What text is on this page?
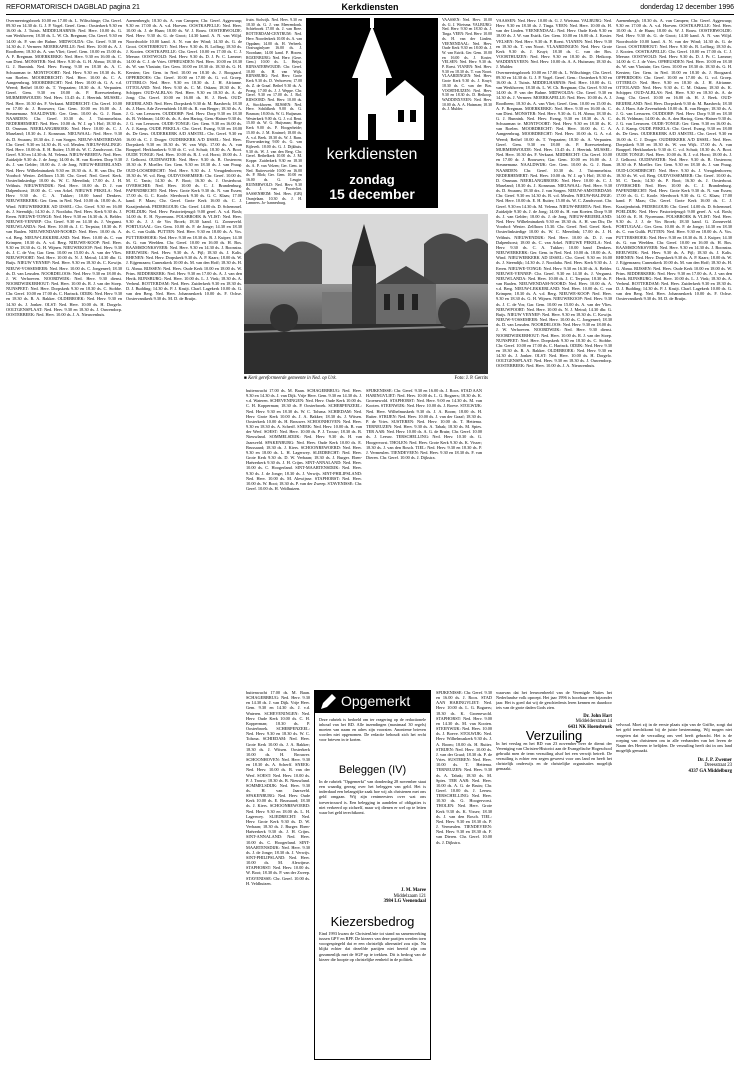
REFORMATORISCH DAGBLAD pagina 21	Kerkdiensten	donderdag 12 december 1996

Overmeeringsbroek 10.00 en 17.00 ds. L. Wiltschinge; Chr. Geref. 09.30 en 14.30 dr. G. J. P. Vogel. Geref. Gem.: Oosterkerk 9.30 en 16.00 ds. J. Tuinis. MIDDELHARNIS: Ned. Herv. 10.00 ds. G. van Werkhoven; 18.30 ds. L. W. Ch. Bregman; Chr. Geref. 9.30 en 14.00 ds. P. van der Buhne. MIDWOLDA: Chr. Geref. 9.30 en 14.30 ds. J. Vermeer. MOERKAPELLE: Ned. Herv. 10.00 ds. A. J. Roodbeen; 18.30 ds. A. van Vliet; Geref. Gem. 10.00 en 15.00 ds. A. F. Bregman. MOERKERKE: Ned. Herv. 9.30 en 16.00 ds. C. van Diest. MONSTER: Ned. Herv. 9.30 ds. G. H. Abma; 18.30 ds. G. J. Bunnink. Ned. Herv. Evang. 9.30 en 18.30 ds. A. C. Schuurman te. MONTFOORT: Ned. Herv. 9.30 en 18.30 ds. K. van Roelen. MOORDRECHT: Ned. Herv. 10.00 ds. C. A. Aangeenbrug. MOORDRECHT: Ned. Herv. 10.00 ds. G. A. v.d. Weerd; Bethel 10.00 ds. T. Verpaaten; 18.30 ds. A. Verpaaten. Geref. Gem. 9.30 en 18.00 ds. P. Roerwetenberg. MURMERWOUDE: Ned. Herv. 13.45 ds. J. Heerink. MUSSEL: Ned. Herv. 10.30 drs. F. Verkaart. MIJDRECHT: Chr. Geref. 10.00 en 17.00 dr. J. Brouwers; Gar. Gem. 10.00 en 16.00 ds. J. Steunemanz. NAALDWIJK: Ger. Gem. 10.00 ds. G. J. Baan. NAARDEN: Chr. Geref. 10.30 ds. J. Tuirmmelstra. NEDERHEMERT: Ned. Herv. 10.00 ds. W. J. op 't Hof; 18.30 ds. D. Onsman. NEERLANGBROEK: Ned. Herv. 10.00 ds. C. J. Maseland; 18.30 ds. J. Konsman. NIEUWAAL: Ned. Herv. 9.30 ds. D. Swaans; 18.30 drs. J. van Sorgen. NIEUW-AMSTERDAM: Chr. Geref. 9.30 en 14.30 ds. B. v.d. Meulen. NIEUW-BALINGE: Ned. Herv. 10.00 ds. E. H. Ruiter; 15.00 ds. W. C. Zandsvoort. Chr. Geref. 9.30 en 14.30 ds. M. Velema. NIEUW-BEERTA: Ned. Herv. Zuidzijde 9.30 ds. J. de Jong; 14.00 ds. H. van Koeten. Dorp 9.30 ds. J. van Gelder; 18.00 ds. J. de Jong. NIEUW-BEIJERLAND: Ned. Herv. Wilhelminakerk 9.30 en 18.30 ds. A. H. van Dis; De Voorhof: Wester. Zelfhorn 15.30. Chr. Geref. Ned. Geref. Kerk. Oosterlinkstedige 10.00 ds. W. C. Meerdink; 17.00 ds. J. H. Velthuis. NIEUWENDIJK: Ned. Herv. 10.00 ds. D. J. van Dalpenhorst; 18.00 ds. C. van Arkel. NIEUWE PEKELA: Ned. Herv. 9.30 ds. C. A. Tukker; 10.00 band Denkers. NIEUWERKERK: Ger. Gem. in Ned. Ned. 10.00 ds. 18.00 ds. A. Wind. NIEUWERKERK AD IJSSEL: Chr. Geref. 9.30 en 16.00 ds. J. Steendijk; 14.30 ds. J. Nootlaba. Ned. Herv. Kerk 9.30 ds. J. Eeren. NIEUWE-TONGE: Ned. Herv. 9.30 en 16.30 ds. A. Belder. NIEUWE-VENNEP: Chr. Geref. 9.30 en 14.30 ds. J. Vergunst. NIEUWLANDA: Ned. Herv. 10.00 ds. J. C. Terpstra; 18.30 ds. P. van Baalen. NIEUWENDAM-NOORD: Ned. Herv. 10.00 ds. A. v.d. Berg. NIEUW-LEKKERLAND: Ned. Herv. 10.00 ds. C. van Krimpen; 18.30 ds. A. v.d. Berg. NIEUWE-KOOP: Ned. Herv. 9.30 en 18.30 ds. G. H. Wijnen. NIEUWEKOOP: Ned. Herv. 9.30 ds. J. C. de Vos; Gar. Gem. 10.00 en 15.00 ds. A. van der Vlies. NIEUWPOORT: Ned. Herv. 10.00 ds. N. J. Meiral; 14.30 dhr. G. Buijs. NIEUW VENNEP: Ned. Herv. 9.30 en 18.30 ds. C. Kowijn. NIEUW-VOSSEMEER: Ned. Herv. 10.00 ds. C. Jongeneel; 18.30 ds. D. van Leusden. NOORDELOOS: Ned. Herv. 9.30 en 18.00 ds. J. W. Verhoeven. NOORDWIJK: Ned. Herv. 9.30 dienst. NOORDWIJKERHOUT: Ned. Herv. 10.00 ds. R. J. van der Stoep. NUNSPEET: Ned. Herv. Dorpskerk 9.30 en 18.30 ds. C. Stobbe. Chr. Geref. 10.00 en 17.00 ds. C. Harinck. ODIJK: Ned. Herv. 9.30 en 18.30 ds. R. A. Bakker. OLDEBROEK: Ned. Herv. 9.30 en 14.30 ds. J. Jonker. OLST: Ned. Herv. 10.00 ds. H. Dorgelo. OOLTGENSPLAAT: Ned. Herv. 9.30 en 18.30 ds. J. Ouwendorp. OOSTERBEEK: Ned. Herv. 10.00 ds. J. A. Nieuwenhuis.

Aaenenbergh; 18.30 ds. A. van Campen; Chr. Geref. Aggewaap; 9.30 en 17.00 ds. A. v.d. Hoeven. OOSTKAPELLE: Ned. Herv. 10.00 ds. J. de Haan; 18.00 ds. W. J. Rouw. OOSTERWOLDE: Ned. Herv. 9.30 ds. G. de Groot; 14.30 kand. A. N. van Wiljd. Noordwolde 10.00 kand. A. N. van der Wind; 14.30 ds. G. de Groot. OOSTERHOUT: Ned. Herv. 9.30 ds. B. Loffing; 18.30 ds. J. Kooten. OOSTKAPELLE: Chr. Geref. 10.00 en 17.00 ds. C. J. Meeuse. OOSTWOLD: Ned. Herv. 9.30 ds. D. J. Pr. C. Lamme; 14.00 dr. C. J. de Vries. OPHEUSDEN: Ned. Herv. 10.00 en 18.30 ds. W. van Vlastuin; Ger. Gem. 10.00 en 18.30 dr. 18.30 ds. G. H. Kersten; Ger. Gem. in Ned. 10.00 en 18.30 ds. J. Boogaard. OPPERDOES: Chr. Geref. 10.00 en 17.00 ds. G. v.d. Groep. OTTERLO: Ned. Herv. 9.30 en 18.30 ds. J. H. Afrianne. OTTOLAND: Ned. Herv. 9.30 ds. C. M. Oskam; 18.30 ds. K. Schipper. OUD-ALBLAS: Ned. Herv. 9.30 en 18.30 ds. A. de Jong; Chr. Geref. 10.00 en 16.00 ds. H. J. Beek. OUD-BEIJERLAND: Ned. Herv. Dorpskerk 9.30 dr. M. Baasbeck; 18.30 ds. J. Harn. Ade Zevenzbierk 10.00 ds. R. van Berger; 18.30 ds. A. J. G. van Leeuwen. OUDDORP: Ned. Herv. Dorp 9.30 en 18.30 ds. B. Veldman; 14.00 ds. ds. A. den Hartog. Gem.-Hainer 9.30 ds. J. G. van Leeuwen. OUDE-TONGE: Ger. Gem. 9.30 en 16.00 ds. A. J. Kamp. OUDE PEKELA: Chr. Geref. Evang. 9.30 en 18.00 ds. De Geus. OUDERKERK A/D AMSTEL: Chr. Geref. 9.30 en 16.00 ds. C. J. Droger. OUDERKERK A/D IJSSEL: Ned. Herv. Dorpskerk 9.30 en 18.30 ds. W. van Wijk. 17.00 ds. A. van Bouppel. Herklaarkerk: 9.30 dr. C. v.d. Schuit; 18.30 ds. A. Boot. OUDE TONGE: Ned. Herv. 10.00 ds. R. J. v.d. Horst; 18.00 ds. J. J. Gelhorst. OUDEWATER: Ned. Herv. 9.30 ds. B. Oosterom; 18.30 dr. P. Moeller. Ger. Gem. 9.30 en 18.30 ds. J. van Praag. OUD-LOOSDRECHT: Ned. Herv. 9.30 ds. J. Vreugdenhoven; 18.30 ds. W. v.d. Berg. OUDVOSSEMEER: Chr. Geref. 10.00 ds. M. C. Tanis; 14.30 ds. P. Boot; 16.30 ds. J. Oosterhout. OVERSCHIE: Ned. Herv. 10.00 ds. C. J. Brandenburg. PAPENDRECHT: Ned. Herv. Grote Kerk 9.30 ds. N. van Essen; 17.00 ds. G. C. Koole. Sleedwork 9.30 ds. G. C. Klaas; 17.00 kand. P. Maas; Chr. Geref. Grote Kerk 16.00 ds. C. J. Kraaijenbrink. PEDERGOUR: Chr. Geref. 14.00 ds. D. Schemmel. POELDIJK: Ned. Herv. Pastorietjeugd: 9.00 geref. A. v.d. Bosh; 14.00 ds. E. H. Nyoemans. POLSBROEK & VLIST: Ned. Herv. 9.30 ds. J. J. de Vos Broek; 18.30 kand. G. Zonneveld. PORTUGAAL: Ger. Gem. 10.00 ds. F. de Jonge; 14.30 en 18.30 ds. C. van Gulik. PUTTEN: Ned. Herv. 9.30 en 18.00 ds. A. Vos. PUTTERSHOEK: Ned. Herv. 9.30 en 18.30 ds. B. J. Kuiper; 14.30 ds. G. van Weelden. Chr. Geref. 10.00 en 16.00 ds. H. Bos. RAAMSDONKSVEER: Ned. Herv. 9.30 en 14.30 ds. J. Boonstra. REEUWIJK: Ned. Herv. 9.30 ds. A. Pijl; 18.30 ds. J. Kalis. RHENEN: Ned. Herv. Dorpskerk 9.30 ds. A. P. Kaars; 18.00 ds. W. J. Eijgenraam; Cunerakerk 10.00 ds. M. van den Hoff; 18.30 ds. H. G. Abma. RIJSSEN: Ned. Herv. Oude Kerk 10.00 en 18.00 ds. W. Prins. RIDDERKERK: Ned. Herv. 9.30 en 17.00 ds. A. J. van den Herik. RIJNSBURG: Ned. Herv. 10.00 ds. L. J. Vink; 18.30 ds. A. Verheul. ROTTERDAM: Ned. Herv. Zuiderkerk 9.30 en 18.30 ds. D. J. Budding; 14.30 ds. P. J. Kruijt. Charl. Lagekerk 10.00 ds. G. van den Berg. Ned. Herv. Johanneskerk 10.00 ds. F. Ochse. Oostervantkerk 9.30 ds. M. D. de Bruijn.

fruin. Stolwijk. Ned. Herv. 9.30 en 18.30 ds. G. J. van Meerendonk. Schiebroek 17.00 ds. J. van Bree. ROTTERDAM-CENTRUM: Ned. Herv. Noorderkerk 10.00 ds. A. van Oppdam; 14.00 ds. H. Verbeek. Oostvaginlyaer 16.00 ds. J. Noordaan; 14.00 kand. P. Hooen. ROZENBURG: Ned. Herv. (Gere. Gem.) 10.00 ds. L. Heijst. RIJNSATERWOUDE: Chr. Geref. 10.00 ds. H. van Wijk. RIJNSBURG: Ned. Herv. Grote Kerk 9.30 ds. D. Verhoeven; 17.00 ds. Z. de Graaf. Bethel 9.30 ds. A. Prong; 17.00 ds. J. J. Weppe. Chr. Geref. 9.30 en 17.00 ds. J. Bol. RIJSOORD: Ned. Herv. 10.00 ds. A. Stockhoven. RIJSSEN: Ned. Herv. Schildkerk 9.00 ds. G. Bosman; 18.00 ds. W. G. Huijsman. Westerkerk 9.00 ds. G. J. v.d. Bent. 15.00 ds. W. G. Huijsman; Hoge Kerk 9.00 ds. P. Hoogerheide; 15.00 ds. J. M. Kruimel; 18.00 ds. A. v.d. Beek. 18.30 ds. W. J. Barn. Elsen-ankering 9.00 ds. G. van Bijlevelt. 18.00 ds. G. J. Dijkhuis. 9.30 ds. W. J. van den Berg. Chr. Geref. Bethelkerk 10.00 ds. J. M. Koppe. Zuiderkerk 9.30 en 18.30 ds. A. P. van Velzen; Ger. Gem. in Ned. Ruiterweide 10.00 en 16.00 ds. P. Blok; Ger. Gem. 10.00 en 16.00 ds. G. Leugte. RUINERWOLD: Ned. Herv. 9.30 ds. J. van Poortvliet. SASSENHEIM: Ned. Herv. (GB) Oranjelaan. 10.30 ds. J. H. Lamners. Jo- hannesburg.

kerkdiensten
zondag
15 december

VAASSEN: Ned. Herv. 10.00 ds. G. J. Wietsma. VALBURG: Ned. Herv. 9.30 en 18.30 ds. J. Tinga. VEEN: Ned. Herv. 10.00 ds. H. van der Linden. VEENENDAAL: Ned. Herv. Oude Kerk 9.30 en 18.00 ds. J. W. van Estrik. Ger. Gem. 10.00 en 16.00 ds. J. Koster. VELSEN: Ned. Herv. 9.30 ds. P. Roest. VIANEN: Ned. Herv. 9.30 en 18.30 ds. T. van Noort. VLAARDINGEN: Ned. Herv. Grote Kerk 9.30 ds. J. Kruyt; 18.30 ds. C. van der Bos. VOORTHUIZEN: Ned. Herv. 9.30 en 18.30 ds. D. Heikoop. WADDINXVEEN: Ned. Herv. 10.00 ds. A. A. Huisman; 18.30 ds. J. Mulder.

VAASSEN: Ned. Herv. 10.00 ds. G. J. Wietsma. VALBURG: Ned. Herv. 9.30 en 18.30 ds. J. Tinga. VEEN: Ned. Herv. 10.00 ds. H. van der Linden. VEENENDAAL: Ned. Herv. Oude Kerk 9.30 en 18.00 ds. J. W. van Estrik. Ger. Gem. 10.00 en 16.00 ds. J. Koster. VELSEN: Ned. Herv. 9.30 ds. P. Roest. VIANEN: Ned. Herv. 9.30 en 18.30 ds. T. van Noort. VLAARDINGEN: Ned. Herv. Grote Kerk 9.30 ds. J. Kruyt; 18.30 ds. C. van der Bos. VOORTHUIZEN: Ned. Herv. 9.30 en 18.30 ds. D. Heikoop. WADDINXVEEN: Ned. Herv. 10.00 ds. A. A. Huisman; 18.30 ds. J. Mulder.

Overmeeringsbroek 10.00 en 17.00 ds. L. Wiltschinge; Chr. Geref. 09.30 en 14.30 dr. G. J. P. Vogel. Geref. Gem.: Oosterkerk 9.30 en 16.00 ds. J. Tuinis. MIDDELHARNIS: Ned. Herv. 10.00 ds. G. van Werkhoven; 18.30 ds. L. W. Ch. Bregman; Chr. Geref. 9.30 en 14.00 ds. P. van der Buhne. MIDWOLDA: Chr. Geref. 9.30 en 14.30 ds. J. Vermeer. MOERKAPELLE: Ned. Herv. 10.00 ds. A. J. Roodbeen; 18.30 ds. A. van Vliet; Geref. Gem. 10.00 en 15.00 ds. A. F. Bregman. MOERKERKE: Ned. Herv. 9.30 en 16.00 ds. C. van Diest. MONSTER: Ned. Herv. 9.30 ds. G. H. Abma; 18.30 ds. G. J. Bunnink. Ned. Herv. Evang. 9.30 en 18.30 ds. A. C. Schuurman te. MONTFOORT: Ned. Herv. 9.30 en 18.30 ds. K. van Roelen. MOORDRECHT: Ned. Herv. 10.00 ds. C. A. Aangeenbrug. MOORDRECHT: Ned. Herv. 10.00 ds. G. A. v.d. Weerd; Bethel 10.00 ds. T. Verpaaten; 18.30 ds. A. Verpaaten. Geref. Gem. 9.30 en 18.00 ds. P. Roerwetenberg. MURMERWOUDE: Ned. Herv. 13.45 ds. J. Heerink. MUSSEL: Ned. Herv. 10.30 drs. F. Verkaart. MIJDRECHT: Chr. Geref. 10.00 en 17.00 dr. J. Brouwers; Gar. Gem. 10.00 en 16.00 ds. J. Steunemanz. NAALDWIJK: Ger. Gem. 10.00 ds. G. J. Baan. NAARDEN: Chr. Geref. 10.30 ds. J. Tuirmmelstra. NEDERHEMERT: Ned. Herv. 10.00 ds. W. J. op 't Hof; 18.30 ds. D. Onsman. NEERLANGBROEK: Ned. Herv. 10.00 ds. C. J. Maseland; 18.30 ds. J. Konsman. NIEUWAAL: Ned. Herv. 9.30 ds. D. Swaans; 18.30 drs. J. van Sorgen. NIEUW-AMSTERDAM: Chr. Geref. 9.30 en 14.30 ds. B. v.d. Meulen. NIEUW-BALINGE: Ned. Herv. 10.00 ds. E. H. Ruiter; 15.00 ds. W. C. Zandsvoort. Chr. Geref. 9.30 en 14.30 ds. M. Velema. NIEUW-BEERTA: Ned. Herv. Zuidzijde 9.30 ds. J. de Jong; 14.00 ds. H. van Koeten. Dorp 9.30 ds. J. van Gelder; 18.00 ds. J. de Jong. NIEUW-BEIJERLAND: Ned. Herv. Wilhelminakerk 9.30 en 18.30 ds. A. H. van Dis; De Voorhof: Wester. Zelfhorn 15.30. Chr. Geref. Ned. Geref. Kerk. Oosterlinkstedige 10.00 ds. W. C. Meerdink; 17.00 ds. J. H. Velthuis. NIEUWENDIJK: Ned. Herv. 10.00 ds. D. J. van Dalpenhorst; 18.00 ds. C. van Arkel. NIEUWE PEKELA: Ned. Herv. 9.30 ds. C. A. Tukker; 10.00 band Denkers. NIEUWERKERK: Ger. Gem. in Ned. Ned. 10.00 ds. 18.00 ds. A. Wind. NIEUWERKERK AD IJSSEL: Chr. Geref. 9.30 en 16.00 ds. J. Steendijk; 14.30 ds. J. Nootlaba. Ned. Herv. Kerk 9.30 ds. J. Eeren. NIEUWE-TONGE: Ned. Herv. 9.30 en 16.30 ds. A. Belder. NIEUWE-VENNEP: Chr. Geref. 9.30 en 14.30 ds. J. Vergunst. NIEUWLANDA: Ned. Herv. 10.00 ds. J. C. Terpstra; 18.30 ds. P. van Baalen. NIEUWENDAM-NOORD: Ned. Herv. 10.00 ds. A. v.d. Berg. NIEUW-LEKKERLAND: Ned. Herv. 10.00 ds. C. van Krimpen; 18.30 ds. A. v.d. Berg. NIEUWE-KOOP: Ned. Herv. 9.30 en 18.30 ds. G. H. Wijnen. NIEUWEKOOP: Ned. Herv. 9.30 ds. J. C. de Vos; Gar. Gem. 10.00 en 15.00 ds. A. van der Vlies. NIEUWPOORT: Ned. Herv. 10.00 ds. N. J. Meiral; 14.30 dhr. G. Buijs. NIEUW VENNEP: Ned. Herv. 9.30 en 18.30 ds. C. Kowijn. NIEUW-VOSSEMEER: Ned. Herv. 10.00 ds. C. Jongeneel; 18.30 ds. D. van Leusden. NOORDELOOS: Ned. Herv. 9.30 en 18.00 ds. J. W. Verhoeven. NOORDWIJK: Ned. Herv. 9.30 dienst. NOORDWIJKERHOUT: Ned. Herv. 10.00 ds. R. J. van der Stoep. NUNSPEET: Ned. Herv. Dorpskerk 9.30 en 18.30 ds. C. Stobbe. Chr. Geref. 10.00 en 17.00 ds. C. Harinck. ODIJK: Ned. Herv. 9.30 en 18.30 ds. R. A. Bakker. OLDEBROEK: Ned. Herv. 9.30 en 14.30 ds. J. Jonker. OLST: Ned. Herv. 10.00 ds. H. Dorgelo. OOLTGENSPLAAT: Ned. Herv. 9.30 en 18.30 ds. J. Ouwendorp. OOSTERBEEK: Ned. Herv. 10.00 ds. J. A. Nieuwenhuis.

Aaenenbergh; 18.30 ds. A. van Campen; Chr. Geref. Aggewaap; 9.30 en 17.00 ds. A. v.d. Hoeven. OOSTKAPELLE: Ned. Herv. 10.00 ds. J. de Haan; 18.00 ds. W. J. Rouw. OOSTERWOLDE: Ned. Herv. 9.30 ds. G. de Groot; 14.30 kand. A. N. van Wiljd. Noordwolde 10.00 kand. A. N. van der Wind; 14.30 ds. G. de Groot. OOSTERHOUT: Ned. Herv. 9.30 ds. B. Loffing; 18.30 ds. J. Kooten. OOSTKAPELLE: Chr. Geref. 10.00 en 17.00 ds. C. J. Meeuse. OOSTWOLD: Ned. Herv. 9.30 ds. D. J. Pr. C. Lamme; 14.00 dr. C. J. de Vries. OPHEUSDEN: Ned. Herv. 10.00 en 18.30 ds. W. van Vlastuin; Ger. Gem. 10.00 en 18.30 dr. 18.30 ds. G. H. Kersten; Ger. Gem. in Ned. 10.00 en 18.30 ds. J. Boogaard. OPPERDOES: Chr. Geref. 10.00 en 17.00 ds. G. v.d. Groep. OTTERLO: Ned. Herv. 9.30 en 18.30 ds. J. H. Afrianne. OTTOLAND: Ned. Herv. 9.30 ds. C. M. Oskam; 18.30 ds. K. Schipper. OUD-ALBLAS: Ned. Herv. 9.30 en 18.30 ds. A. de Jong; Chr. Geref. 10.00 en 16.00 ds. H. J. Beek. OUD-BEIJERLAND: Ned. Herv. Dorpskerk 9.30 dr. M. Baasbeck; 18.30 ds. J. Harn. Ade Zevenzbierk 10.00 ds. R. van Berger; 18.30 ds. A. J. G. van Leeuwen. OUDDORP: Ned. Herv. Dorp 9.30 en 18.30 ds. B. Veldman; 14.00 ds. ds. A. den Hartog. Gem.-Hainer 9.30 ds. J. G. van Leeuwen. OUDE-TONGE: Ger. Gem. 9.30 en 16.00 ds. A. J. Kamp. OUDE PEKELA: Chr. Geref. Evang. 9.30 en 18.00 ds. De Geus. OUDERKERK A/D AMSTEL: Chr. Geref. 9.30 en 16.00 ds. C. J. Droger. OUDERKERK A/D IJSSEL: Ned. Herv. Dorpskerk 9.30 en 18.30 ds. W. van Wijk. 17.00 ds. A. van Bouppel. Herklaarkerk: 9.30 dr. C. v.d. Schuit; 18.30 ds. A. Boot. OUDE TONGE: Ned. Herv. 10.00 ds. R. J. v.d. Horst; 18.00 ds. J. J. Gelhorst. OUDEWATER: Ned. Herv. 9.30 ds. B. Oosterom; 18.30 dr. P. Moeller. Ger. Gem. 9.30 en 18.30 ds. J. van Praag. OUD-LOOSDRECHT: Ned. Herv. 9.30 ds. J. Vreugdenhoven; 18.30 ds. W. v.d. Berg. OUDVOSSEMEER: Chr. Geref. 10.00 ds. M. C. Tanis; 14.30 ds. P. Boot; 16.30 ds. J. Oosterhout. OVERSCHIE: Ned. Herv. 10.00 ds. C. J. Brandenburg. PAPENDRECHT: Ned. Herv. Grote Kerk 9.30 ds. N. van Essen; 17.00 ds. G. C. Koole. Sleedwork 9.30 ds. G. C. Klaas; 17.00 kand. P. Maas; Chr. Geref. Grote Kerk 16.00 ds. C. J. Kraaijenbrink. PEDERGOUR: Chr. Geref. 14.00 ds. D. Schemmel. POELDIJK: Ned. Herv. Pastorietjeugd: 9.00 geref. A. v.d. Bosh; 14.00 ds. E. H. Nyoemans. POLSBROEK & VLIST: Ned. Herv. 9.30 ds. J. J. de Vos Broek; 18.30 kand. G. Zonneveld. PORTUGAAL: Ger. Gem. 10.00 ds. F. de Jonge; 14.30 en 18.30 ds. C. van Gulik. PUTTEN: Ned. Herv. 9.30 en 18.00 ds. A. Vos. PUTTERSHOEK: Ned. Herv. 9.30 en 18.30 ds. B. J. Kuiper; 14.30 ds. G. van Weelden. Chr. Geref. 10.00 en 16.00 ds. H. Bos. RAAMSDONKSVEER: Ned. Herv. 9.30 en 14.30 ds. J. Boonstra. REEUWIJK: Ned. Herv. 9.30 ds. A. Pijl; 18.30 ds. J. Kalis. RHENEN: Ned. Herv. Dorpskerk 9.30 ds. A. P. Kaars; 18.00 ds. W. J. Eijgenraam; Cunerakerk 10.00 ds. M. van den Hoff; 18.30 ds. H. G. Abma. RIJSSEN: Ned. Herv. Oude Kerk 10.00 en 18.00 ds. W. Prins. RIDDERKERK: Ned. Herv. 9.30 en 17.00 ds. A. J. van den Herik. RIJNSBURG: Ned. Herv. 10.00 ds. L. J. Vink; 18.30 ds. A. Verheul. ROTTERDAM: Ned. Herv. Zuiderkerk 9.30 en 18.30 ds. D. J. Budding; 14.30 ds. P. J. Kruijt. Charl. Lagekerk 10.00 ds. G. van den Berg. Ned. Herv. Johanneskerk 10.00 ds. F. Ochse. Oostervantkerk 9.30 ds. M. D. de Bruijn.

■ Kerk gereformeerde gemeente in Ned. op Urk.	Foto: J. P. Gerrits

buitenwacht 17.00 ds. M. Baan. SCHAGERBRUG: Ned. Herv. 9.30 en 14.30 ds. J. van Dijk. Vrije Herv. Gem. 9.30 en 14.30 ds. J. v.d. Wateren. SCHEVENINGEN: Ned. Herv. Oude Kerk 10.00 ds. C. H. Kopperman; 18.30 ds. P. Oosterbroek. SCHERPENZEEL: Ned. Herv. 9.30 en 18.30 ds. W. C. Tolsma. SCHIEDAM: Ned. Herv. Grote Kerk 10.00 ds. J. A. Bakker; 18.30 ds. J. Witsen. Oosterkerk 10.00 ds. H. Brouwer. SCHOONHOVEN: Ned. Herv. 9.30 en 18.30 ds. A. Scherff. SNEEK: Ned. Herv. 10.00 ds. B. van der Werf. SOEST: Ned. Herv. 10.00 ds. P. J. Trouw; 18.30 ds. B. Nieuwland. SOMMELSDIJK: Ned. Herv. 9.30 ds. H. van Jaarsveld. SPAKENBURG: Ned. Herv. Oude Kerk 10.00 ds. E. Brussaard; 18.30 ds. J. Kiers. SCHOONREWOERD: Ned. Herv. 9.30 en 18.00 ds. L. H. Lagerwey. SLIEDRECHT: Ned. Herv. Grote Kerk 9.30 ds. D. W. Verbaan; 18.30 ds. J. Burger. Eben-Haëzerkerk 9.30 ds. J. H. Crijns. SINT-ANNALAND: Ned. Herv. 10.00 ds. C. Hoogerland. SINT-MAARTENSDIJK: Ned. Herv. 9.30 ds. J. de Jonge; 18.30 ds. J. Verwijs. SINT-PHILIPSLAND: Ned. Herv. 10.00 ds. M. Alewijnse. STAPHORST: Ned. Herv. 10.00 ds. W. Boot; 18.30 ds. P. van der Zweep. STAVENISSE: Chr. Geref. 10.00 ds. H. Veldhuizen.

SPIJKENISSE: Chr. Geref. 9.30 en 16.00 ds. J. Roos. STAD AAN HARINGVLIET: Ned. Herv. 10.00 ds. L. G. Bogaers; 18.30 ds. K. Groenewold. STAPHORST: Ned. Herv. 9.00 en 14.30 ds. M. van Kooten. STEENWIJK: Ned. Herv. 10.00 ds. J. Boeve. STOLWIJK: Ned. Herv. Wilhelmuskerk 9.30 ds. J. A. Boom; 18.00 ds. H. Ruiter. STRIJEN: Ned. Herv. 10.00 ds. J. van der Graaf; 18.30 ds. P. de Vries. SUSTEREN: Ned. Herv. 10.00 ds. T. Hettema. TERNEUZEN: Ned. Herv. 9.30 ds. A. Tabak; 18.30 ds. M. Spies. TER AAR: Ned. Herv. 10.00 ds. A. G. de Bruin; Chr. Geref. 10.00 ds. J. Leeuw. TERSCHELLING: Ned. Herv. 10.30 ds. G. Hoogervorst. THOLEN: Ned. Herv. Grote Kerk 9.30 ds. K. Visser; 18.30 ds. J. van den Bosch. TIEL: Ned. Herv. 9.30 en 18.30 ds. P. J. Vermeulen. TIENDEVEEN: Ned. Herv. 9.30 en 18.30 ds. F. van Dieren. Chr. Geref. 10.00 ds. J. Dijkstra.

buitenwacht 17.00 ds. M. Baan. SCHAGERBRUG: Ned. Herv. 9.30 en 14.30 ds. J. van Dijk. Vrije Herv. Gem. 9.30 en 14.30 ds. J. v.d. Wateren. SCHEVENINGEN: Ned. Herv. Oude Kerk 10.00 ds. C. H. Kopperman; 18.30 ds. P. Oosterbroek. SCHERPENZEEL: Ned. Herv. 9.30 en 18.30 ds. W. C. Tolsma. SCHIEDAM: Ned. Herv. Grote Kerk 10.00 ds. J. A. Bakker; 18.30 ds. J. Witsen. Oosterkerk 10.00 ds. H. Brouwer. SCHOONHOVEN: Ned. Herv. 9.30 en 18.30 ds. A. Scherff. SNEEK: Ned. Herv. 10.00 ds. B. van der Werf. SOEST: Ned. Herv. 10.00 ds. P. J. Trouw; 18.30 ds. B. Nieuwland. SOMMELSDIJK: Ned. Herv. 9.30 ds. H. van Jaarsveld. SPAKENBURG: Ned. Herv. Oude Kerk 10.00 ds. E. Brussaard; 18.30 ds. J. Kiers. SCHOONREWOERD: Ned. Herv. 9.30 en 18.00 ds. L. H. Lagerwey. SLIEDRECHT: Ned. Herv. Grote Kerk 9.30 ds. D. W. Verbaan; 18.30 ds. J. Burger. Eben-Haëzerkerk 9.30 ds. J. H. Crijns. SINT-ANNALAND: Ned. Herv. 10.00 ds. C. Hoogerland. SINT-MAARTENSDIJK: Ned. Herv. 9.30 ds. J. de Jonge; 18.30 ds. J. Verwijs. SINT-PHILIPSLAND: Ned. Herv. 10.00 ds. M. Alewijnse. STAPHORST: Ned. Herv. 10.00 ds. W. Boot; 18.30 ds. P. van der Zweep. STAVENISSE: Chr. Geref. 10.00 ds. H. Veldhuizen.

Opgemerkt
Deze rubriek is bedoeld om ter reagering op de redactionele inhoud van het RD. Alle inzendingen (maximaal 30 regels) moeten van naam en adres zijn voorzien. Anonieme brieven worden niet opgenomen. De redactie behoudt zich het recht voor brieven in te korten.
Beleggen (IV)
In de rubriek "Opgemerkt" van donderdag 28 november staat een waardig gereag over het beleggen van geld. Het is inderdaad een belangrijke zaak hoe wij als christenen met ons geld omgaan. Wij zijn rentmeesters over wat ons toevertrouwd is. Een belegging in aandelen of obligaties is niet verkeerd op zichzelf, maar wij dienen er wel op te letten waar het geld terechtkomt.
J. M. Maree
Middelzaam 121
3984 LG Veenendaal
Kiezersbedrog
Eind 1993 kwam de ChristenUnie tot stand na samenwerking tussen GPV en RPF. De kiezers van deze partijen werden toen voorgespiegeld dat er een christelijk alternatief zou zijn. Nu blijkt echter dat dezelfde partijen niet bereid zijn om gezamenlijk met de SGP op te trekken. Dit is bedrog van de kiezer die hoopte op christelijke eenheid in de politiek.

SPIJKENISSE: Chr. Geref. 9.30 en 16.00 ds. J. Roos. STAD AAN HARINGVLIET: Ned. Herv. 10.00 ds. L. G. Bogaers; 18.30 ds. K. Groenewold. STAPHORST: Ned. Herv. 9.00 en 14.30 ds. M. van Kooten. STEENWIJK: Ned. Herv. 10.00 ds. J. Boeve. STOLWIJK: Ned. Herv. Wilhelmuskerk 9.30 ds. J. A. Boom; 18.00 ds. H. Ruiter. STRIJEN: Ned. Herv. 10.00 ds. J. van der Graaf; 18.30 ds. P. de Vries. SUSTEREN: Ned. Herv. 10.00 ds. T. Hettema. TERNEUZEN: Ned. Herv. 9.30 ds. A. Tabak; 18.30 ds. M. Spies. TER AAR: Ned. Herv. 10.00 ds. A. G. de Bruin; Chr. Geref. 10.00 ds. J. Leeuw. TERSCHELLING: Ned. Herv. 10.30 ds. G. Hoogervorst. THOLEN: Ned. Herv. Grote Kerk 9.30 ds. K. Visser; 18.30 ds. J. van den Bosch. TIEL: Ned. Herv. 9.30 en 18.30 ds. P. J. Vermeulen. TIENDEVEEN: Ned. Herv. 9.30 en 18.30 ds. F. van Dieren. Chr. Geref. 10.00 ds. J. Dijkstra.

waarvan dat het leeuwenbeeld van de Verenigde Naties het Nederlandse volk oproept. Het jaar 1996 is hoorbaar een bijzonder jaar. Het is goed dat wij de geschiedenis leren kennen en daardoor iets van de grote daden Gods zien.

Dr. John Hart
Middelderstraat 14
6431 NK Hoensbroek
Verzuiling

In het verslag en het RD van 23 november over de dienst der Vereniging van Christen-Historici aan de Evangelische Hogeschool gebruikt men de term verzuiling alsof het een verwijt betreft. De verzuiling is echter een zegen geweest voor ons land en heeft het christelijk onderwijs en de christelijke organisaties mogelijk gemaakt.

velvoud. Moet zij in de eerste plaats zijn van de Griffie, zorgt dat het geld terechtkomt bij de juiste bestemming. Wij mogen niet vergeten dat de verzuiling ons veel heeft gebracht. Het is de roeping van christenen om in alle verbanden van het leven de Naam des Heeren te belijden. De verzuiling heeft dat in ons land mogelijk gemaakt.

Dr. J. P. Zwemer
Dreesstraat 23
4337 GA Middelburg
